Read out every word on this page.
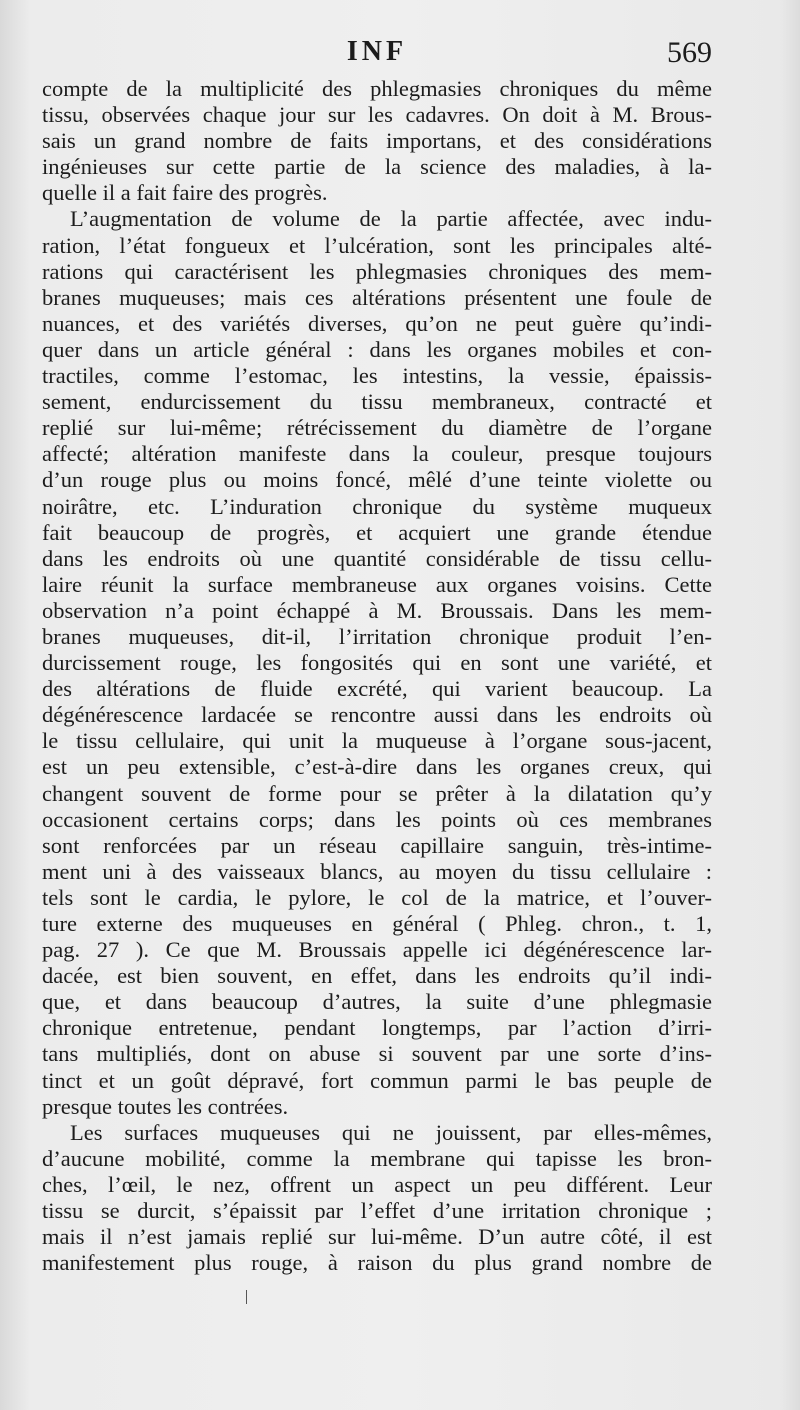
INF	569
compte de la multiplicité des phlegmasies chroniques du même
tissu, observées chaque jour sur les cadavres. On doit à M. Brous-
sais un grand nombre de faits importans, et des considérations
ingénieuses sur cette partie de la science des maladies, à la-
quelle il a fait faire des progrès.
L’augmentation de volume de la partie affectée, avec indu-
ration, l’état fongueux et l’ulcération, sont les principales alté-
rations qui caractérisent les phlegmasies chroniques des mem-
branes muqueuses; mais ces altérations présentent une foule de
nuances, et des variétés diverses, qu’on ne peut guère qu’indi-
quer dans un article général : dans les organes mobiles et con-
tractiles, comme l’estomac, les intestins, la vessie, épaissis-
sement, endurcissement du tissu membraneux, contracté et
replié sur lui-même; rétrécissement du diamètre de l’organe
affecté; altération manifeste dans la couleur, presque toujours
d’un rouge plus ou moins foncé, mêlé d’une teinte violette ou
noirâtre, etc. L’induration chronique du système muqueux
fait beaucoup de progrès, et acquiert une grande étendue
dans les endroits où une quantité considérable de tissu cellu-
laire réunit la surface membraneuse aux organes voisins. Cette
observation n’a point échappé à M. Broussais. Dans les mem-
branes muqueuses, dit-il, l’irritation chronique produit l’en-
durcissement rouge, les fongosités qui en sont une variété, et
des altérations de fluide excrété, qui varient beaucoup. La
dégénérescence lardacée se rencontre aussi dans les endroits où
le tissu cellulaire, qui unit la muqueuse à l’organe sous-jacent,
est un peu extensible, c’est-à-dire dans les organes creux, qui
changent souvent de forme pour se prêter à la dilatation qu’y
occasionent certains corps; dans les points où ces membranes
sont renforcées par un réseau capillaire sanguin, très-intime-
ment uni à des vaisseaux blancs, au moyen du tissu cellulaire :
tels sont le cardia, le pylore, le col de la matrice, et l’ouver-
ture externe des muqueuses en général ( Phleg. chron., t. 1,
pag. 27 ). Ce que M. Broussais appelle ici dégénérescence lar-
dacée, est bien souvent, en effet, dans les endroits qu’il indi-
que, et dans beaucoup d’autres, la suite d’une phlegmasie
chronique entretenue, pendant longtemps, par l’action d’irri-
tans multipliés, dont on abuse si souvent par une sorte d’ins-
tinct et un goût dépravé, fort commun parmi le bas peuple de
presque toutes les contrées.
Les surfaces muqueuses qui ne jouissent, par elles-mêmes,
d’aucune mobilité, comme la membrane qui tapisse les bron-
ches, l’œil, le nez, offrent un aspect un peu différent. Leur
tissu se durcit, s’épaissit par l’effet d’une irritation chronique ;
mais il n’est jamais replié sur lui-même. D’un autre côté, il est
manifestement plus rouge, à raison du plus grand nombre de
